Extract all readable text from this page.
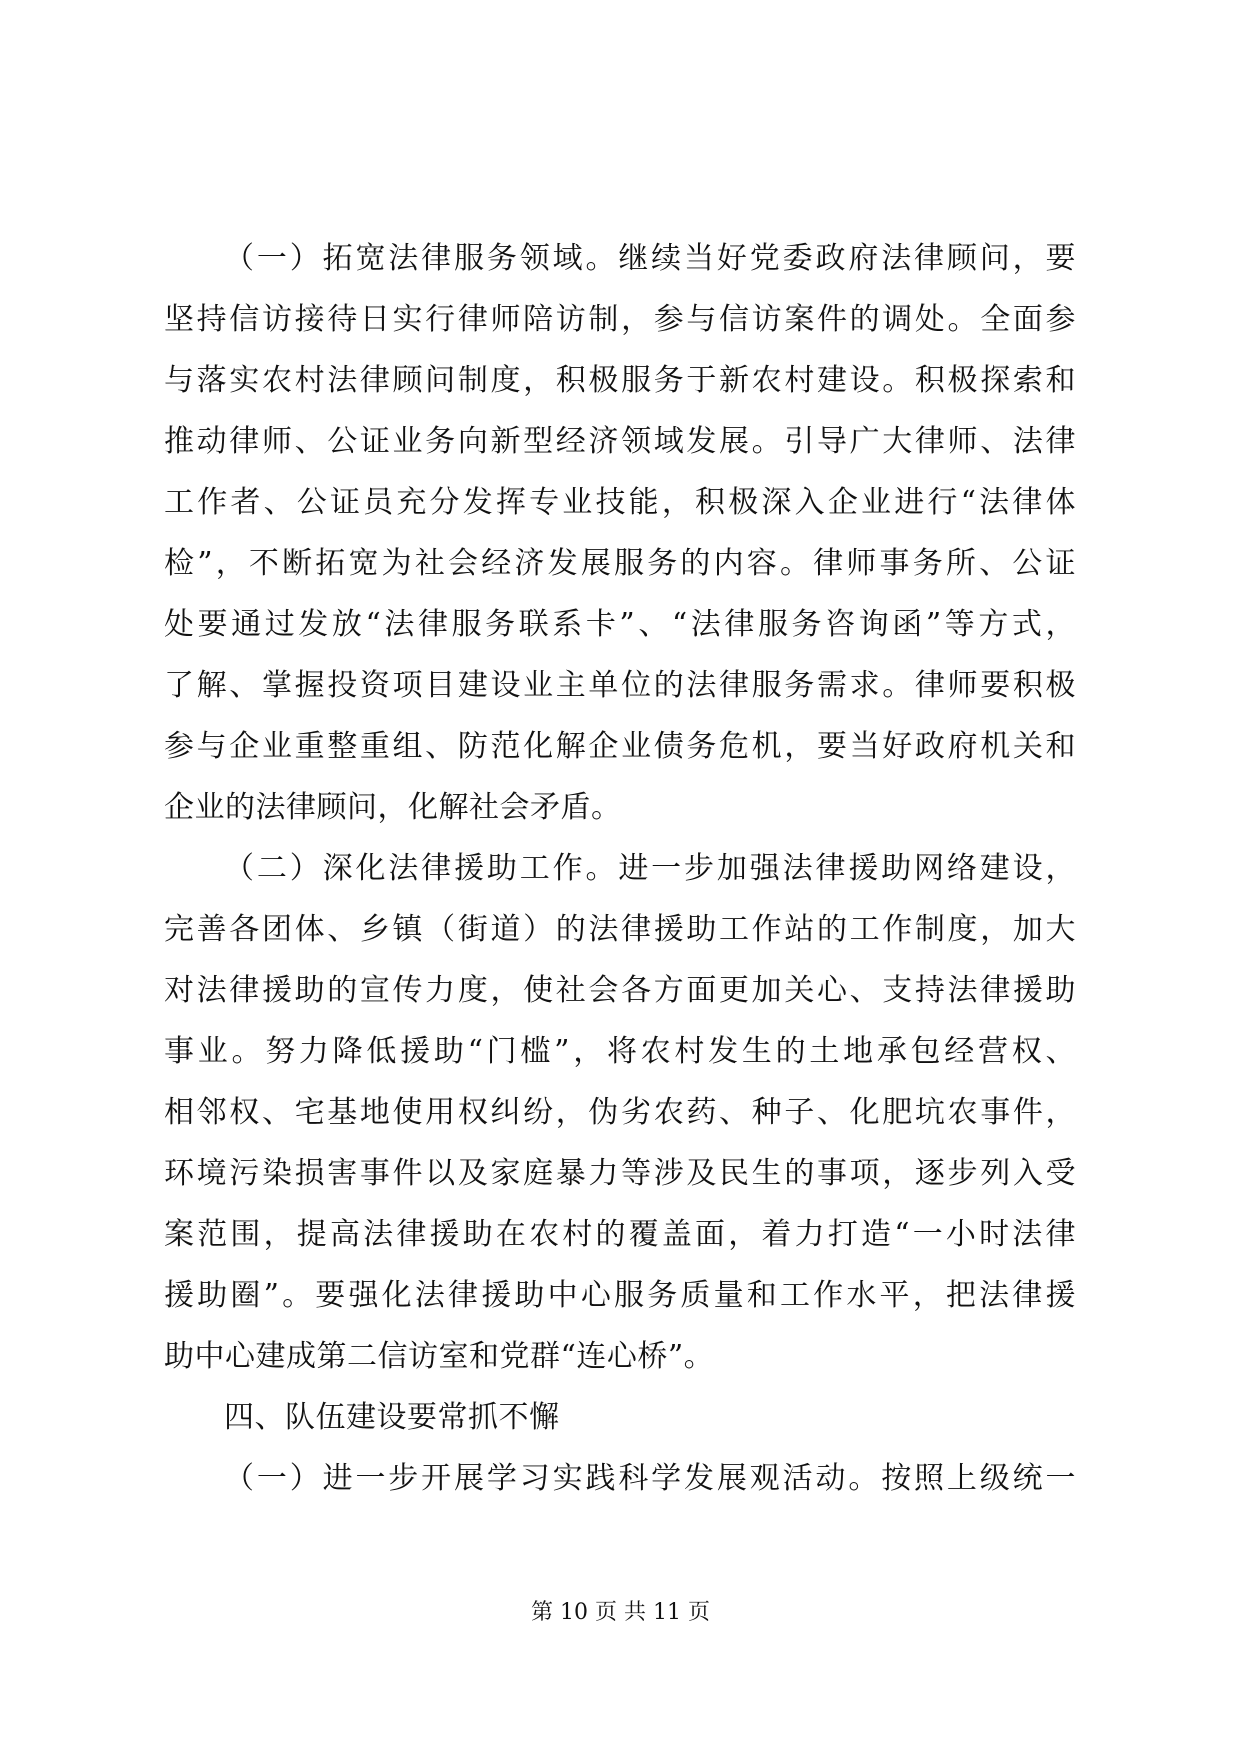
（一）拓宽法律服务领域。继续当好党委政府法律顾问，要
坚持信访接待日实行律师陪访制，参与信访案件的调处。全面参
与落实农村法律顾问制度，积极服务于新农村建设。积极探索和
推动律师、公证业务向新型经济领域发展。引导广大律师、法律
工作者、公证员充分发挥专业技能，积极深入企业进行“法律体
检”，不断拓宽为社会经济发展服务的内容。律师事务所、公证
处要通过发放“法律服务联系卡”、“法律服务咨询函”等方式，
了解、掌握投资项目建设业主单位的法律服务需求。律师要积极
参与企业重整重组、防范化解企业债务危机，要当好政府机关和
企业的法律顾问，化解社会矛盾。
（二）深化法律援助工作。进一步加强法律援助网络建设，
完善各团体、乡镇（街道）的法律援助工作站的工作制度，加大
对法律援助的宣传力度，使社会各方面更加关心、支持法律援助
事业。努力降低援助“门槛”，将农村发生的土地承包经营权、
相邻权、宅基地使用权纠纷，伪劣农药、种子、化肥坑农事件，
环境污染损害事件以及家庭暴力等涉及民生的事项，逐步列入受
案范围，提高法律援助在农村的覆盖面，着力打造“一小时法律
援助圈”。要强化法律援助中心服务质量和工作水平，把法律援
助中心建成第二信访室和党群“连心桥”。
四、队伍建设要常抓不懈
（一）进一步开展学习实践科学发展观活动。按照上级统一
第 10 页 共 11 页
